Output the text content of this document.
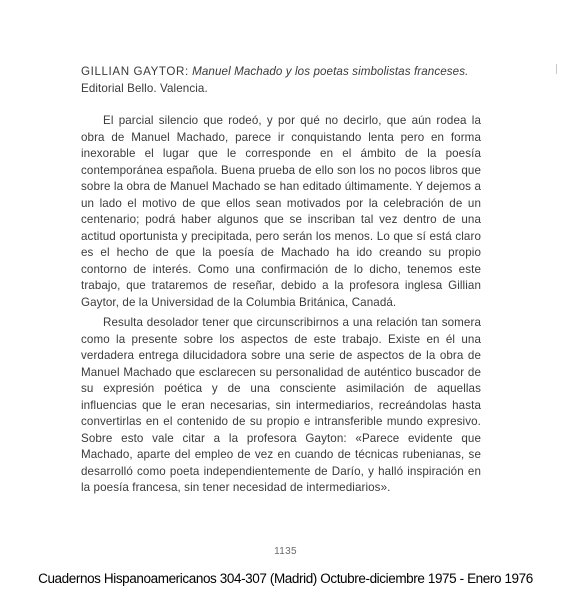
GILLIAN GAYTOR: Manuel Machado y los poetas simbolistas franceses. Editorial Bello. Valencia.

El parcial silencio que rodeó, y por qué no decirlo, que aún rodea la obra de Manuel Machado, parece ir conquistando lenta pero en forma inexorable el lugar que le corresponde en el ámbito de la poesía contemporánea española. Buena prueba de ello son los no pocos libros que sobre la obra de Manuel Machado se han editado últimamente. Y dejemos a un lado el motivo de que ellos sean motivados por la celebración de un centenario; podrá haber algunos que se inscriban tal vez dentro de una actitud oportunista y precipitada, pero serán los menos. Lo que sí está claro es el hecho de que la poesía de Machado ha ido creando su propio contorno de interés. Como una confirmación de lo dicho, tenemos este trabajo, que trataremos de reseñar, debido a la profesora inglesa Gillian Gaytor, de la Universidad de la Columbia Británica, Canadá.

Resulta desolador tener que circunscribirnos a una relación tan somera como la presente sobre los aspectos de este trabajo. Existe en él una verdadera entrega dilucidadora sobre una serie de aspectos de la obra de Manuel Machado que esclarecen su personalidad de auténtico buscador de su expresión poética y de una consciente asimilación de aquellas influencias que le eran necesarias, sin intermediarios, recreándolas hasta convertirlas en el contenido de su propio e intransferible mundo expresivo. Sobre esto vale citar a la profesora Gayton: «Parece evidente que Machado, aparte del empleo de vez en cuando de técnicas rubenianas, se desarrolló como poeta independientemente de Darío, y halló inspiración en la poesía francesa, sin tener necesidad de intermediarios».

1135
Cuadernos Hispanoamericanos 304-307 (Madrid) Octubre-diciembre 1975 - Enero 1976
